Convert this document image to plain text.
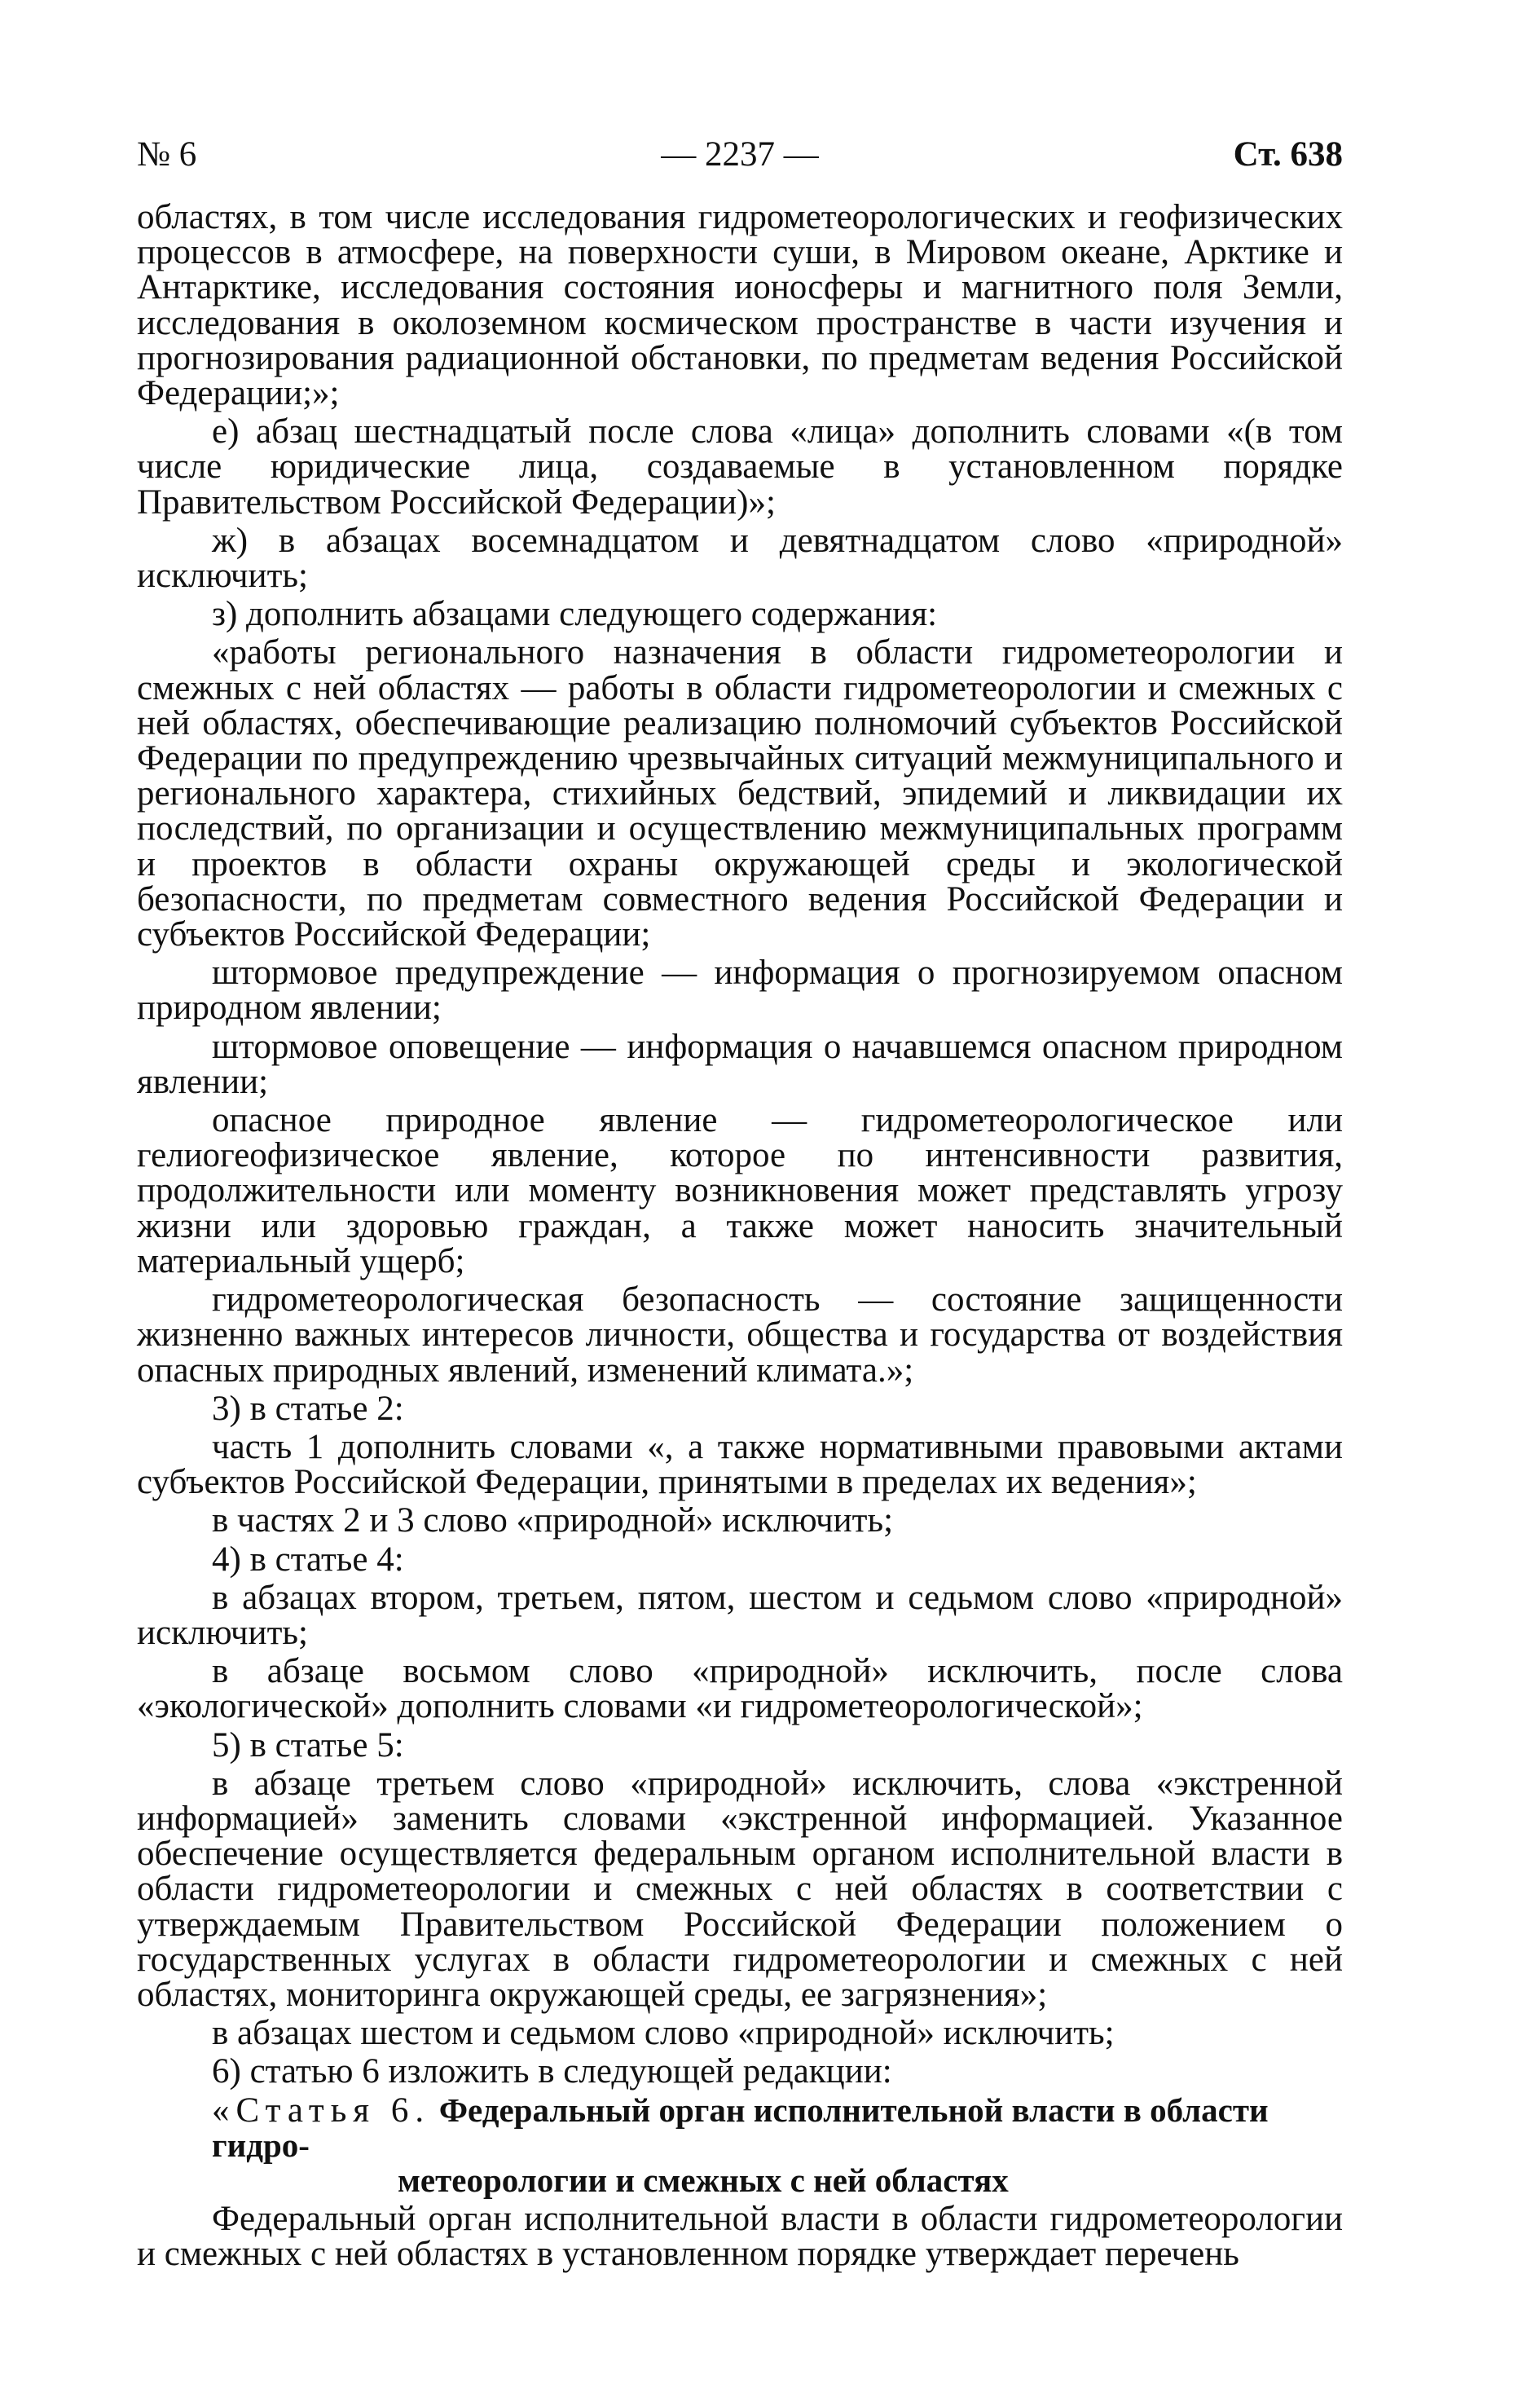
№ 6	— 2237 —	Ст. 638

областях, в том числе исследования гидрометеорологических и геофизических процессов в атмосфере, на поверхности суши, в Мировом океане, Арктике и Антарктике, исследования состояния ионосферы и магнитного поля Земли, исследования в околоземном космическом пространстве в части изучения и прогнозирования радиационной обстановки, по предметам ведения Российской Федерации;»;

е) абзац шестнадцатый после слова «лица» дополнить словами «(в том числе юридические лица, создаваемые в установленном порядке Правительством Российской Федерации)»;

ж) в абзацах восемнадцатом и девятнадцатом слово «природной» исключить;

з) дополнить абзацами следующего содержания:

«работы регионального назначения в области гидрометеорологии и смежных с ней областях — работы в области гидрометеорологии и смежных с ней областях, обеспечивающие реализацию полномочий субъектов Российской Федерации по предупреждению чрезвычайных ситуаций межмуниципального и регионального характера, стихийных бедствий, эпидемий и ликвидации их последствий, по организации и осуществлению межмуниципальных программ и проектов в области охраны окружающей среды и экологической безопасности, по предметам совместного ведения Российской Федерации и субъектов Российской Федерации;

штормовое предупреждение — информация о прогнозируемом опасном природном явлении;

штормовое оповещение — информация о начавшемся опасном природном явлении;

опасное природное явление — гидрометеорологическое или гелиогеофизическое явление, которое по интенсивности развития, продолжительности или моменту возникновения может представлять угрозу жизни или здоровью граждан, а также может наносить значительный материальный ущерб;

гидрометеорологическая безопасность — состояние защищенности жизненно важных интересов личности, общества и государства от воздействия опасных природных явлений, изменений климата.»;

3) в статье 2:

часть 1 дополнить словами «, а также нормативными правовыми актами субъектов Российской Федерации, принятыми в пределах их ведения»;

в частях 2 и 3 слово «природной» исключить;

4) в статье 4:

в абзацах втором, третьем, пятом, шестом и седьмом слово «природной» исключить;

в абзаце восьмом слово «природной» исключить, после слова «экологической» дополнить словами «и гидрометеорологической»;

5) в статье 5:

в абзаце третьем слово «природной» исключить, слова «экстренной информацией» заменить словами «экстренной информацией. Указанное обеспечение осуществляется федеральным органом исполнительной власти в области гидрометеорологии и смежных с ней областях в соответствии с утверждаемым Правительством Российской Федерации положением о государственных услугах в области гидрометеорологии и смежных с ней областях, мониторинга окружающей среды, ее загрязнения»;

в абзацах шестом и седьмом слово «природной» исключить;

6) статью 6 изложить в следующей редакции:

«Статья 6. Федеральный орган исполнительной власти в области гидро-
метеорологии и смежных с ней областях

Федеральный орган исполнительной власти в области гидрометеорологии и смежных с ней областях в установленном порядке утверждает перечень
